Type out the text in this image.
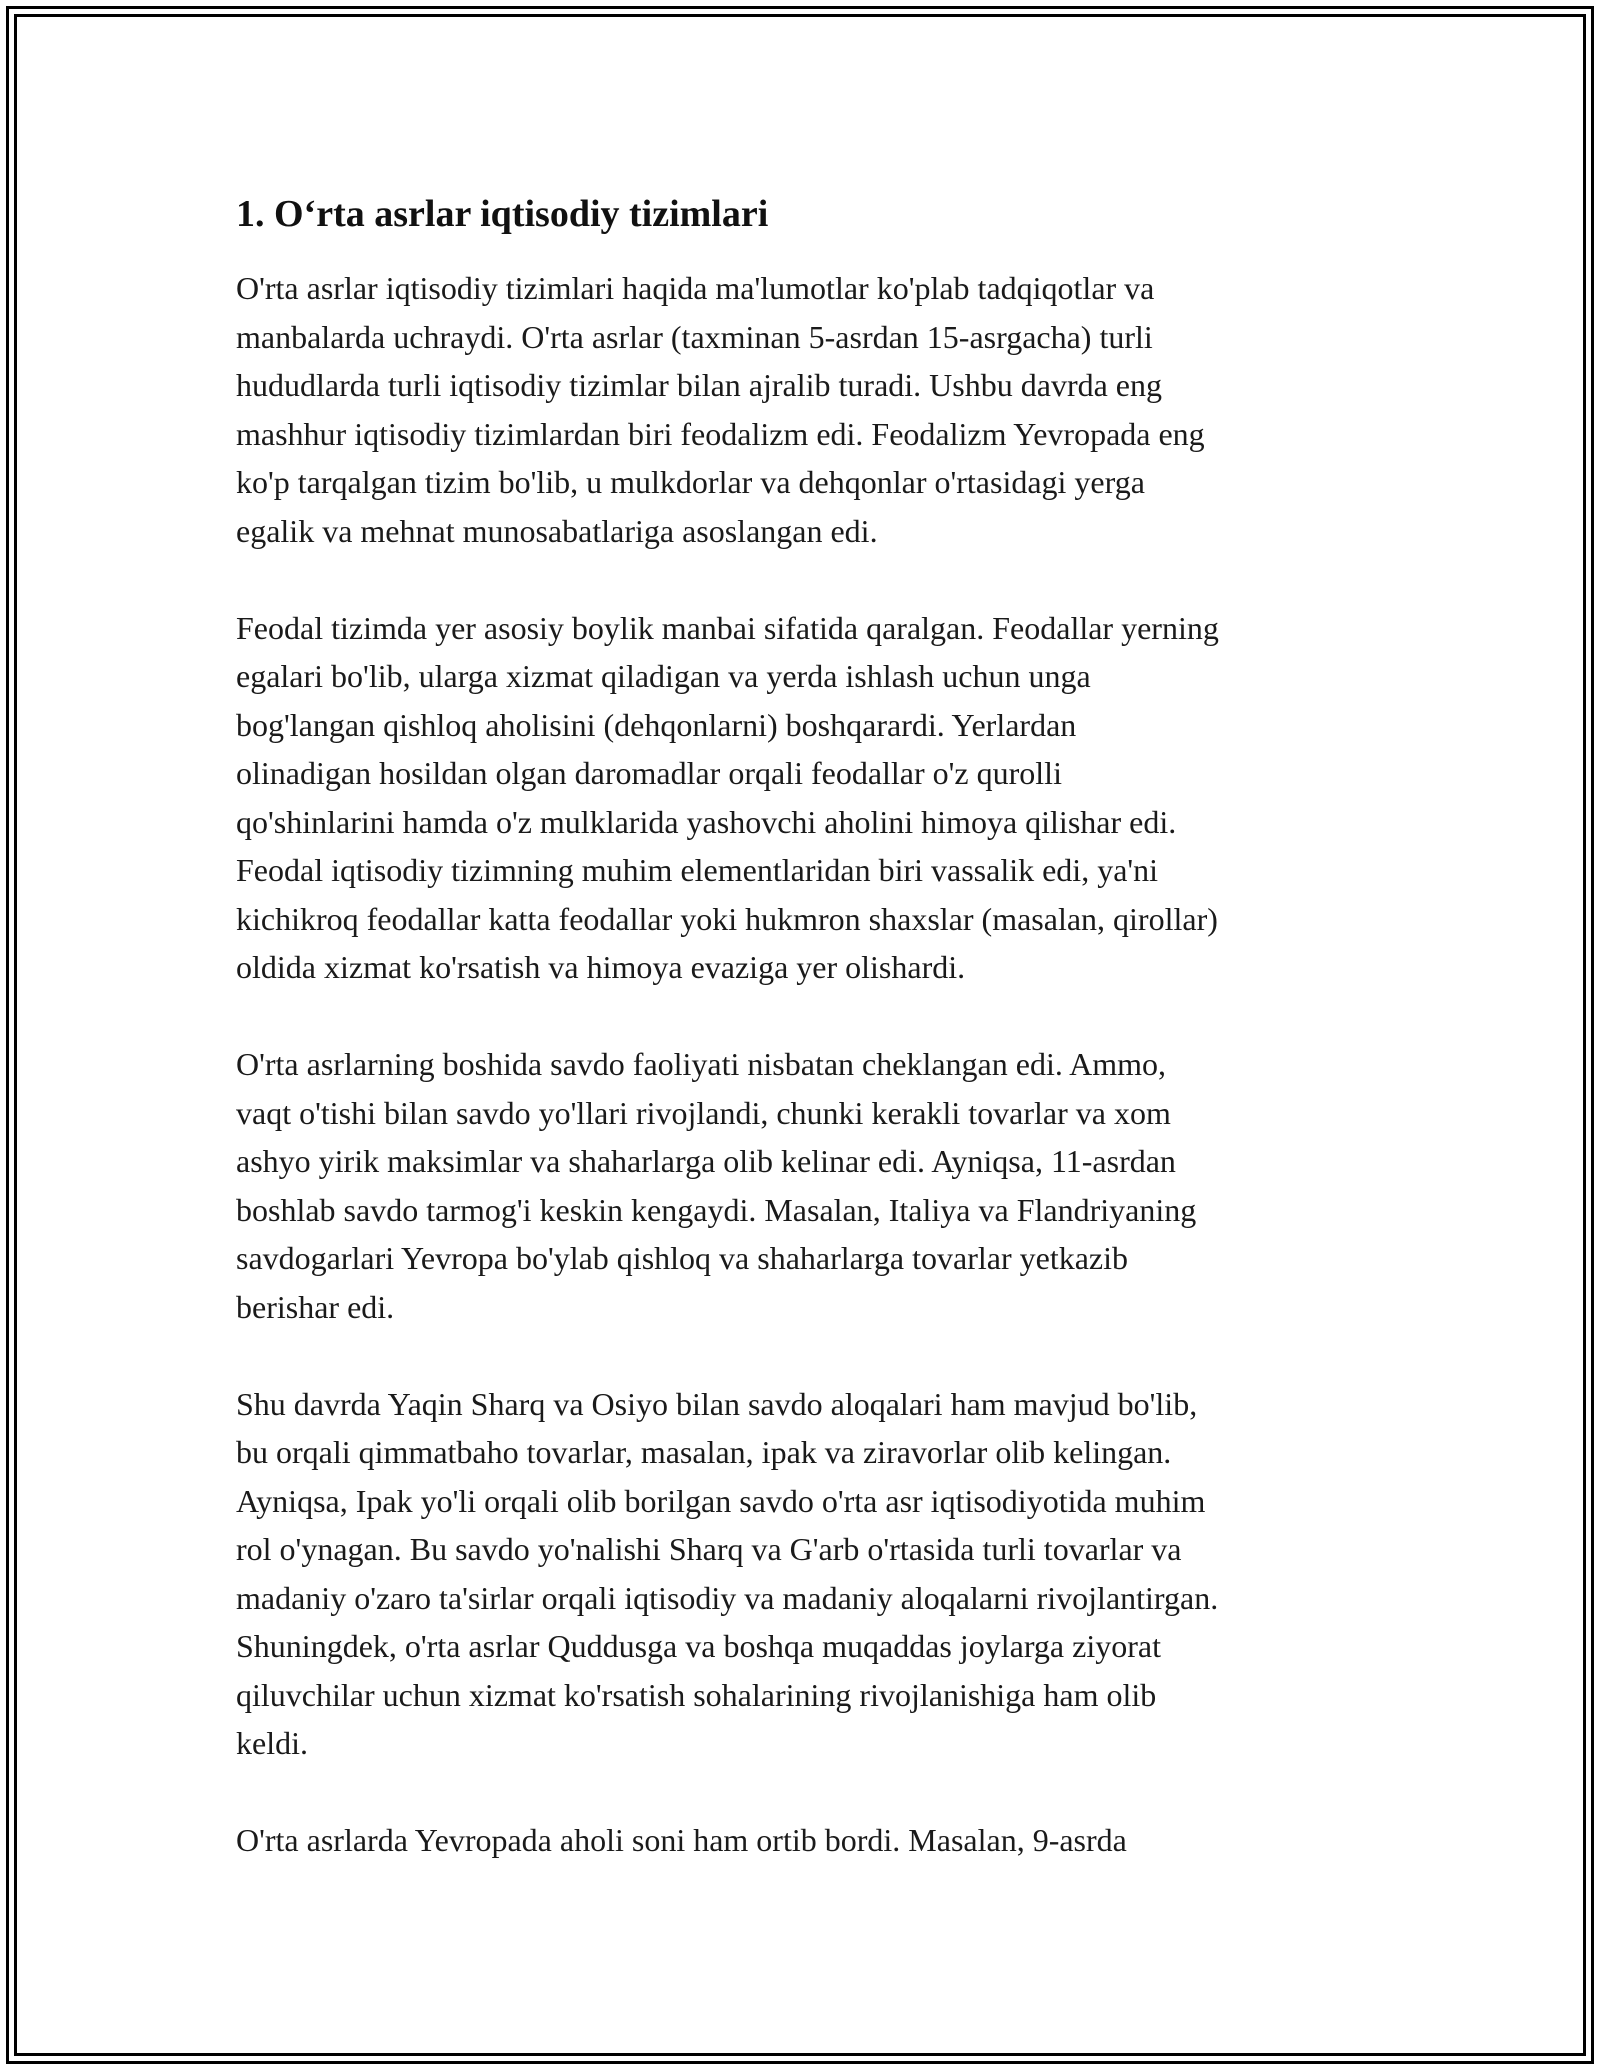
1. O‘rta asrlar iqtisodiy tizimlari

O'rta asrlar iqtisodiy tizimlari haqida ma'lumotlar ko'plab tadqiqotlar va
manbalarda uchraydi. O'rta asrlar (taxminan 5-asrdan 15-asrgacha) turli
hududlarda turli iqtisodiy tizimlar bilan ajralib turadi. Ushbu davrda eng
mashhur iqtisodiy tizimlardan biri feodalizm edi. Feodalizm Yevropada eng
ko'p tarqalgan tizim bo'lib, u mulkdorlar va dehqonlar o'rtasidagi yerga
egalik va mehnat munosabatlariga asoslangan edi.

Feodal tizimda yer asosiy boylik manbai sifatida qaralgan. Feodallar yerning
egalari bo'lib, ularga xizmat qiladigan va yerda ishlash uchun unga
bog'langan qishloq aholisini (dehqonlarni) boshqarardi. Yerlardan
olinadigan hosildan olgan daromadlar orqali feodallar o'z qurolli
qo'shinlarini hamda o'z mulklarida yashovchi aholini himoya qilishar edi.
Feodal iqtisodiy tizimning muhim elementlaridan biri vassalik edi, ya'ni
kichikroq feodallar katta feodallar yoki hukmron shaxslar (masalan, qirollar)
oldida xizmat ko'rsatish va himoya evaziga yer olishardi.

O'rta asrlarning boshida savdo faoliyati nisbatan cheklangan edi. Ammo,
vaqt o'tishi bilan savdo yo'llari rivojlandi, chunki kerakli tovarlar va xom
ashyo yirik maksimlar va shaharlarga olib kelinar edi. Ayniqsa, 11-asrdan
boshlab savdo tarmog'i keskin kengaydi. Masalan, Italiya va Flandriyaning
savdogarlari Yevropa bo'ylab qishloq va shaharlarga tovarlar yetkazib
berishar edi.

Shu davrda Yaqin Sharq va Osiyo bilan savdo aloqalari ham mavjud bo'lib,
bu orqali qimmatbaho tovarlar, masalan, ipak va ziravorlar olib kelingan.
Ayniqsa, Ipak yo'li orqali olib borilgan savdo o'rta asr iqtisodiyotida muhim
rol o'ynagan. Bu savdo yo'nalishi Sharq va G'arb o'rtasida turli tovarlar va
madaniy o'zaro ta'sirlar orqali iqtisodiy va madaniy aloqalarni rivojlantirgan.
Shuningdek, o'rta asrlar Quddusga va boshqa muqaddas joylarga ziyorat
qiluvchilar uchun xizmat ko'rsatish sohalarining rivojlanishiga ham olib
keldi.

O'rta asrlarda Yevropada aholi soni ham ortib bordi. Masalan, 9-asrda
